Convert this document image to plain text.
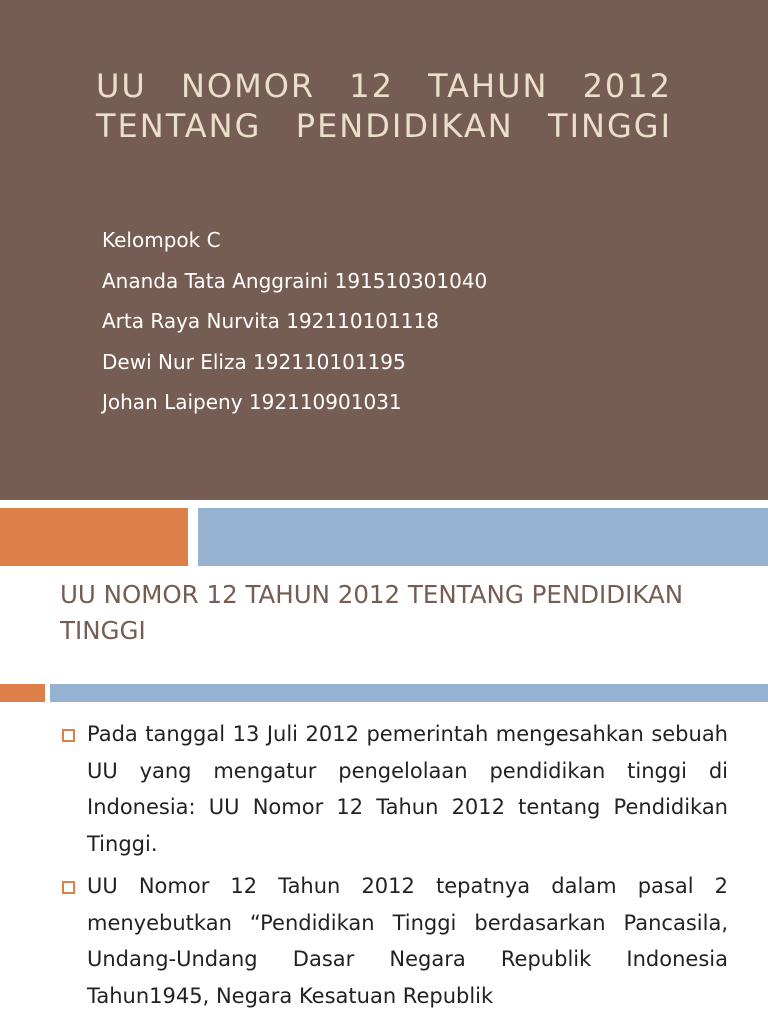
UU NOMOR 12 TAHUN 2012
TENTANG PENDIDIKAN TINGGI
Kelompok C
Ananda Tata Anggraini 191510301040
Arta Raya Nurvita 192110101118
Dewi Nur Eliza 192110101195
Johan Laipeny 192110901031
UU NOMOR 12 TAHUN 2012 TENTANG PENDIDIKAN TINGGI
Pada tanggal 13 Juli 2012 pemerintah mengesahkan sebuah UU yang mengatur pengelolaan pendidikan tinggi di Indonesia: UU Nomor 12 Tahun 2012 tentang Pendidikan Tinggi.
UU Nomor 12 Tahun 2012 tepatnya dalam pasal 2 menyebutkan “Pendidikan Tinggi berdasarkan Pancasila, Undang-Undang Dasar Negara Republik Indonesia Tahun1945, Negara Kesatuan Republik
